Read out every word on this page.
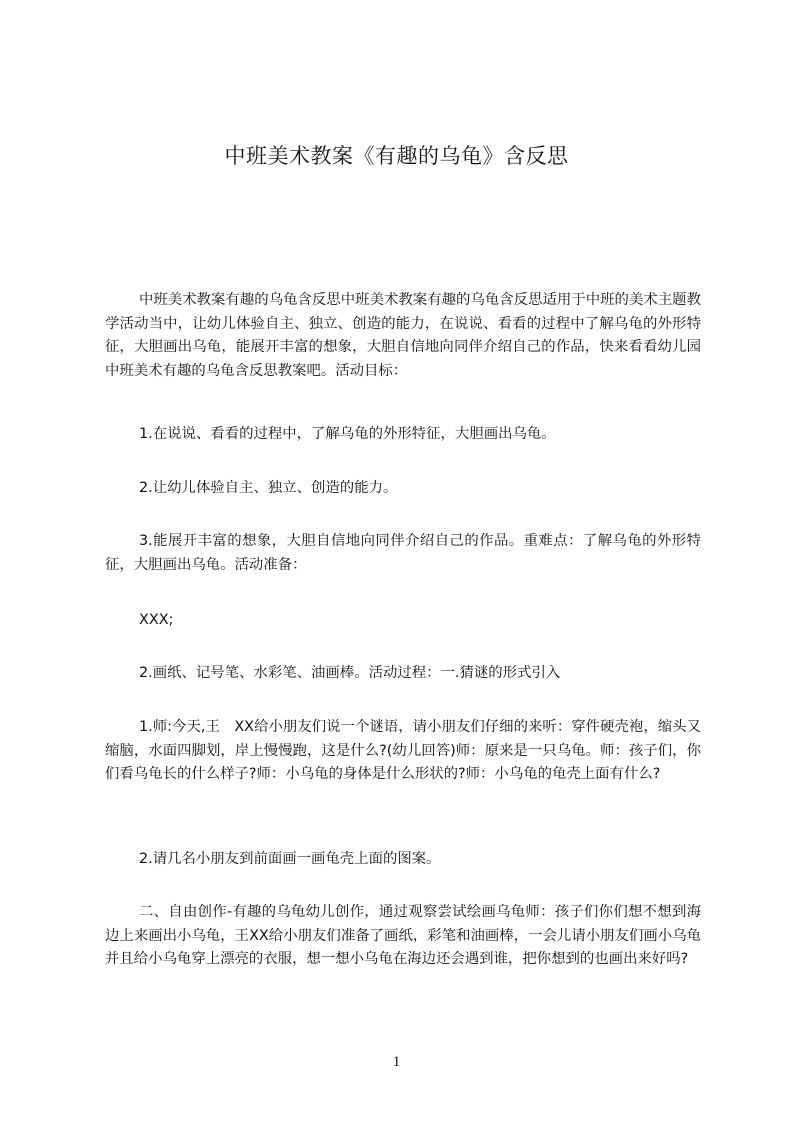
中班美术教案《有趣的乌龟》含反思

中班美术教案有趣的乌龟含反思中班美术教案有趣的乌龟含反思适用于中班的美术主题教学活动当中，让幼儿体验自主、独立、创造的能力，在说说、看看的过程中了解乌龟的外形特征，大胆画出乌龟，能展开丰富的想象，大胆自信地向同伴介绍自己的作品，快来看看幼儿园中班美术有趣的乌龟含反思教案吧。活动目标：

1.在说说、看看的过程中，了解乌龟的外形特征，大胆画出乌龟。

2.让幼儿体验自主、独立、创造的能力。

3.能展开丰富的想象，大胆自信地向同伴介绍自己的作品。重难点：了解乌龟的外形特征，大胆画出乌龟。活动准备：

XXX;

2.画纸、记号笔、水彩笔、油画棒。活动过程：一.猜谜的形式引入

1.师:今天,王　XX给小朋友们说一个谜语，请小朋友们仔细的来听：穿件硬壳袍，缩头又缩脑，水面四脚划，岸上慢慢跑，这是什么?(幼儿回答)师：原来是一只乌龟。师：孩子们，你们看乌龟长的什么样子?师：小乌龟的身体是什么形状的?师：小乌龟的龟壳上面有什么?

2.请几名小朋友到前面画一画龟壳上面的图案。

二、自由创作-有趣的乌龟幼儿创作，通过观察尝试绘画乌龟师：孩子们你们想不想到海边上来画出小乌龟，王XX给小朋友们准备了画纸，彩笔和油画棒，一会儿请小朋友们画小乌龟并且给小乌龟穿上漂亮的衣服，想一想小乌龟在海边还会遇到谁，把你想到的也画出来好吗?

1
